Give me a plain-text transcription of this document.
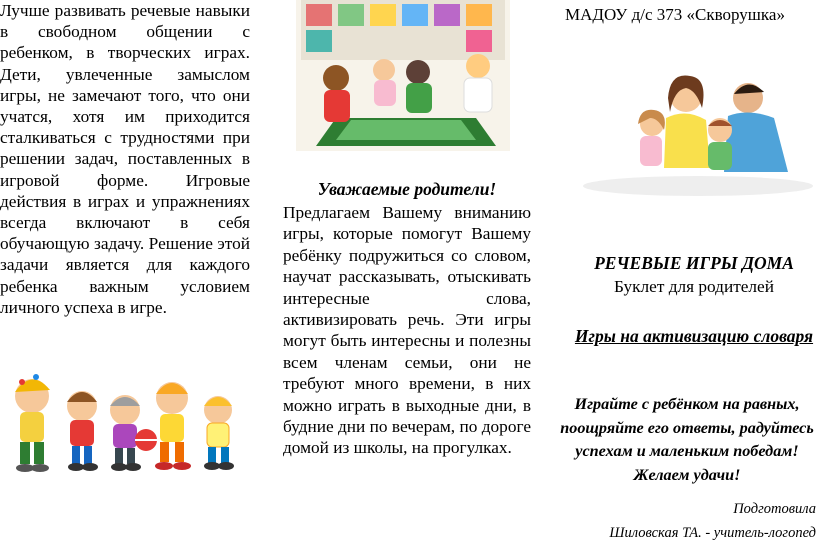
Лучше развивать речевые навыки в свободном общении с ребенком, в творческих играх. Дети, увлеченные замыслом игры, не замечают того, что они учатся, хотя им приходится сталкиваться с трудностями при решении задач, поставленных в игровой форме. Игровые действия в играх и упражнениях всегда включают в себя обучающую задачу. Решение этой задачи является для каждого ребенка важным условием личного успеха в игре.

Уважаемые родители!

Предлагаем Вашему вниманию игры, которые помогут Вашему ребёнку подружиться со словом, научат рассказывать, отыскивать интересные слова, активизировать речь. Эти игры могут быть интересны и полезны всем членам семьи, они не требуют много времени, в них можно играть в выходные дни, в будние дни по вечерам, по дороге домой из школы, на прогулках.

МАДОУ д/с 373 «Скворушка»

РЕЧЕВЫЕ ИГРЫ ДОМА

Буклет для родителей

Игры на активизацию словаря

Играйте с ребёнком на равных, поощряйте его ответы, радуйтесь успехам и маленьким победам! Желаем удачи!

Подготовила
Шиловская ТА. - учитель-логопед
